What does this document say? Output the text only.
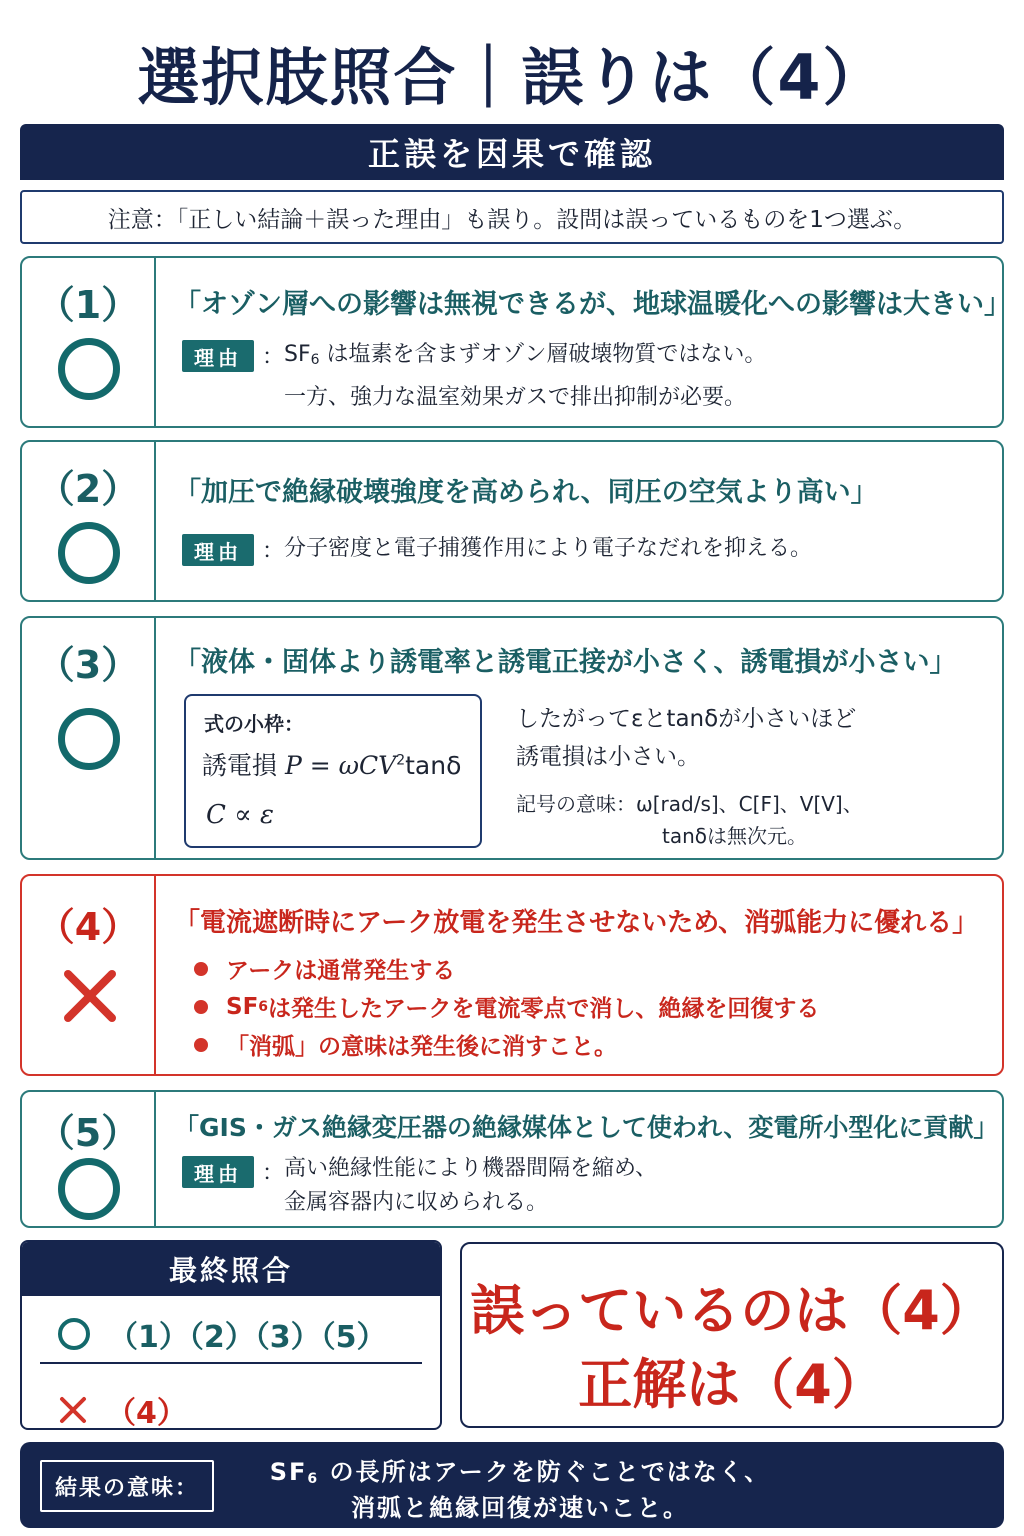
選択肢照合｜誤りは（4）
正誤を因果で確認
注意：「正しい結論＋誤った理由」も誤り。設問は誤っているものを1つ選ぶ。
（1）	「オゾン層への影響は無視できるが、地球温暖化への影響は大きい」
理由 ： $SF_6$ は塩素を含まずオゾン層破壊物質ではない。
一方、強力な温室効果ガスで排出抑制が必要。
（2）	「加圧で絶縁破壊強度を高められ、同圧の空気より高い」
理由 ： 分子密度と電子捕獲作用により電子なだれを抑える。
（3）	「液体・固体より誘電率と誘電正接が小さく、誘電損が小さい」
式の小枠：
誘電損 P = ωCV$^2$tanδ
C ∝ ε
したがってεとtanδが小さいほど
誘電損は小さい。
記号の意味：ω[rad/s]、C[F]、V[V]、
tanδは無次元。
（4）	「電流遮断時にアーク放電を発生させないため、消弧能力に優れる」
アークは通常発生する
SF 6 は発生したアークを電流零点で消し、絶縁を回復する
「消弧」の意味は発生後に消すこと。
（5）	「GIS・ガス絶縁変圧器の絶縁媒体として使われ、変電所小型化に貢献」
理由 ： 高い絶縁性能により機器間隔を縮め、
金属容器内に収められる。
最終照合
（1）（2）（3）（5）
（4）
誤っているのは（4）
正解は（4）
結果の意味：
$SF_6$ の長所はアークを防ぐことではなく、
消弧と絶縁回復が速いこと。
